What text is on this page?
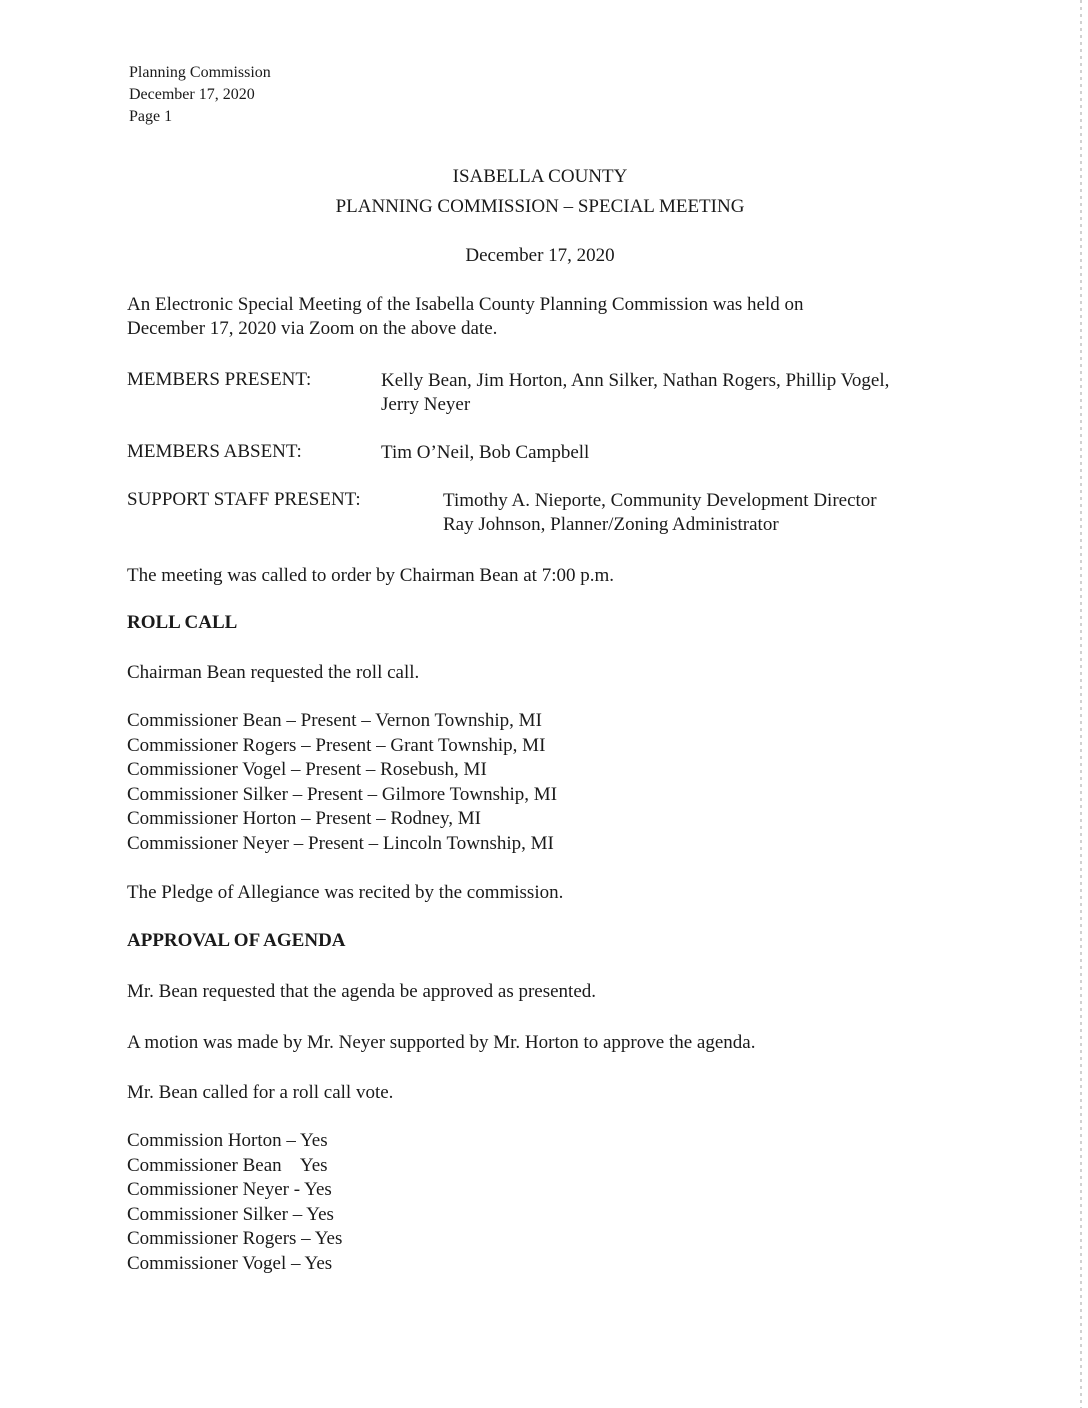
Planning Commission
December 17, 2020
Page 1
ISABELLA COUNTY
PLANNING COMMISSION – SPECIAL MEETING
December 17, 2020
An Electronic Special Meeting of the Isabella County Planning Commission was held on
December 17, 2020 via Zoom on the above date.
MEMBERS PRESENT:	Kelly Bean, Jim Horton, Ann Silker, Nathan Rogers, Phillip Vogel,
Jerry Neyer
MEMBERS ABSENT:	Tim O’Neil, Bob Campbell
SUPPORT STAFF PRESENT:	Timothy A. Nieporte, Community Development Director
Ray Johnson, Planner/Zoning Administrator
The meeting was called to order by Chairman Bean at 7:00 p.m.
ROLL CALL
Chairman Bean requested the roll call.
Commissioner Bean – Present – Vernon Township, MI
Commissioner Rogers – Present – Grant Township, MI
Commissioner Vogel – Present – Rosebush, MI
Commissioner Silker – Present – Gilmore Township, MI
Commissioner Horton – Present – Rodney, MI
Commissioner Neyer – Present – Lincoln Township, MI
The Pledge of Allegiance was recited by the commission.
APPROVAL OF AGENDA
Mr. Bean requested that the agenda be approved as presented.
A motion was made by Mr. Neyer supported by Mr. Horton to approve the agenda.
Mr. Bean called for a roll call vote.
Commission Horton – Yes
Commissioner Bean    Yes
Commissioner Neyer - Yes
Commissioner Silker – Yes
Commissioner Rogers – Yes
Commissioner Vogel – Yes
